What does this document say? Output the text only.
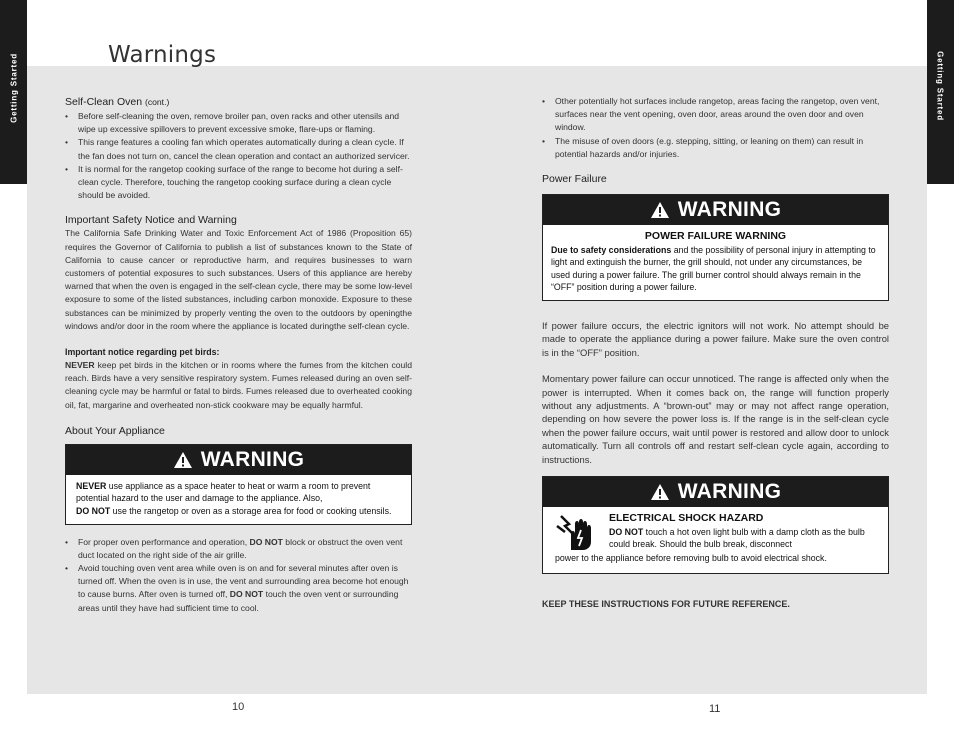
Getting Started	Getting Started
Warnings
Self-Clean Oven (cont.)
• Before self-cleaning the oven, remove broiler pan, oven racks and other utensils and wipe up excessive spillovers to prevent excessive smoke, flare-ups or flaming.
• This range features a cooling fan which operates automatically during a clean cycle. If the fan does not turn on, cancel the clean operation and contact an authorized servicer.
• It is normal for the rangetop cooking surface of the range to become hot during a self-clean cycle. Therefore, touching the rangetop cooking surface during a clean cycle should be avoided.
Important Safety Notice and Warning

The California Safe Drinking Water and Toxic Enforcement Act of 1986 (Proposition 65) requires the Governor of California to publish a list of substances known to the State of California to cause cancer or reproductive harm, and requires businesses to warn customers of potential exposures to such substances. Users of this appliance are hereby warned that when the oven is engaged in the self-clean cycle, there may be some low-level exposure to some of the listed substances, including carbon monoxide. Exposure to these substances can be minimized by properly venting the oven to the outdoors by openingthe windows and/or door in the room where the appliance is located duringthe self-clean cycle.

Important notice regarding pet birds:

NEVER keep pet birds in the kitchen or in rooms where the fumes from the kitchen could reach. Birds have a very sensitive respiratory system. Fumes released during an oven self-cleaning cycle may be harmful or fatal to birds. Fumes released due to overheated cooking oil, fat, margarine and overheated non-stick cookware may be equally harmful.

About Your Appliance
WARNING
NEVER use appliance as a space heater to heat or warm a room to prevent potential hazard to the user and damage to the appliance. Also,
DO NOT use the rangetop or oven as a storage area for food or cooking utensils.
• For proper oven performance and operation, DO NOT block or obstruct the oven vent duct located on the right side of the air grille.
• Avoid touching oven vent area while oven is on and for several minutes after oven is turned off. When the oven is in use, the vent and surrounding area become hot enough to cause burns. After oven is turned off, DO NOT touch the oven vent or surrounding areas until they have had sufficient time to cool.
• Other potentially hot surfaces include rangetop, areas facing the rangetop, oven vent, surfaces near the vent opening, oven door, areas around the oven door and oven window.
• The misuse of oven doors (e.g. stepping, sitting, or leaning on them) can result in potential hazards and/or injuries.
Power Failure
WARNING
POWER FAILURE WARNING
Due to safety considerations and the possibility of personal injury in attempting to light and extinguish the burner, the grill should, not under any circumstances, be used during a power failure. The grill burner control should always remain in the “OFF” position during a power failure.

If power failure occurs, the electric ignitors will not work. No attempt should be made to operate the appliance during a power failure. Make sure the oven control is in the “OFF” position.

Momentary power failure can occur unnoticed. The range is affected only when the power is interrupted. When it comes back on, the range will function properly without any adjustments. A “brown-out” may or may not affect range operation, depending on how severe the power loss is. If the range is in the self-clean cycle when the power failure occurs, wait until power is restored and allow door to unlock automatically. Turn all controls off and restart self-clean cycle again, according to instructions.

WARNING
ELECTRICAL SHOCK HAZARD
DO NOT touch a hot oven light bulb with a damp cloth as the bulb could break. Should the bulb break, disconnect
power to the appliance before removing bulb to avoid electrical shock.
KEEP THESE INSTRUCTIONS FOR FUTURE REFERENCE.
10	11
